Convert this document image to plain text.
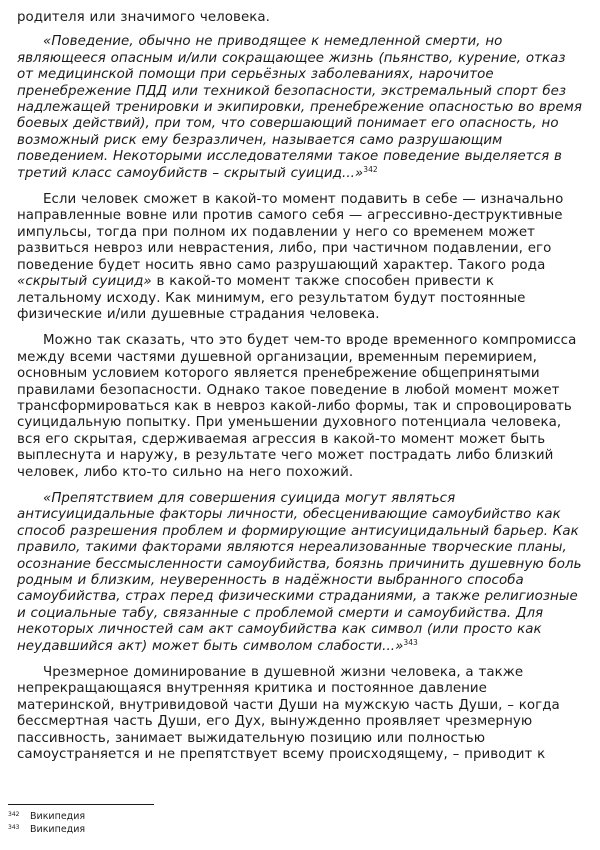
родителя или значимого человека.

«Поведение, обычно не приводящее к немедленной смерти, но являющееся опасным и/или сокращающее жизнь (пьянство, курение, отказ от медицинской помощи при серьёзных заболеваниях, нарочитое пренебрежение ПДД или техникой безопасности, экстремальный спорт без надлежащей тренировки и экипировки, пренебрежение опасностью во время боевых действий), при том, что совершающий понимает его опасность, но возможный риск ему безразличен, называется само разрушающим поведением. Некоторыми исследователями такое поведение выделяется в третий класс самоубийств – скрытый суицид...»$^{342}$

Если человек сможет в какой-то момент подавить в себе — изначально направленные вовне или против самого себя — агрессивно-деструктивные импульсы, тогда при полном их подавлении у него со временем может развиться невроз или неврастения, либо, при частичном подавлении, его поведение будет носить явно само разрушающий характер. Такого рода «скрытый суицид» в какой-то момент также способен привести к летальному исходу. Как минимум, его результатом будут постоянные физические и/или душевные страдания человека.

Можно так сказать, что это будет чем-то вроде временного компромисса между всеми частями душевной организации, временным перемирием, основным условием которого является пренебрежение общепринятыми правилами безопасности. Однако такое поведение в любой момент может трансформироваться как в невроз какой-либо формы, так и спровоцировать суицидальную попытку. При уменьшении духовного потенциала человека, вся его скрытая, сдерживаемая агрессия в какой-то момент может быть выплеснута и наружу, в результате чего может пострадать либо близкий человек, либо кто-то сильно на него похожий.

«Препятствием для совершения суицида могут являться антисуицидальные факторы личности, обесценивающие самоубийство как способ разрешения проблем и формирующие антисуицидальный барьер. Как правило, такими факторами являются нереализованные творческие планы, осознание бессмысленности самоубийства, боязнь причинить душевную боль родным и близким, неуверенность в надёжности выбранного способа самоубийства, страх перед физическими страданиями, а также религиозные и социальные табу, связанные с проблемой смерти и самоубийства. Для некоторых личностей сам акт самоубийства как символ (или просто как неудавшийся акт) может быть символом слабости...»$^{343}$

Чрезмерное доминирование в душевной жизни человека, а также непрекращающаяся внутренняя критика и постоянное давление материнской, внутривидовой части Души на мужскую часть Души, – когда бессмертная часть Души, его Дух, вынужденно проявляет чрезмерную пассивность, занимает выжидательную позицию или полностью самоустраняется и не препятствует всему происходящему, – приводит к

342 Википедия
343 Википедия
